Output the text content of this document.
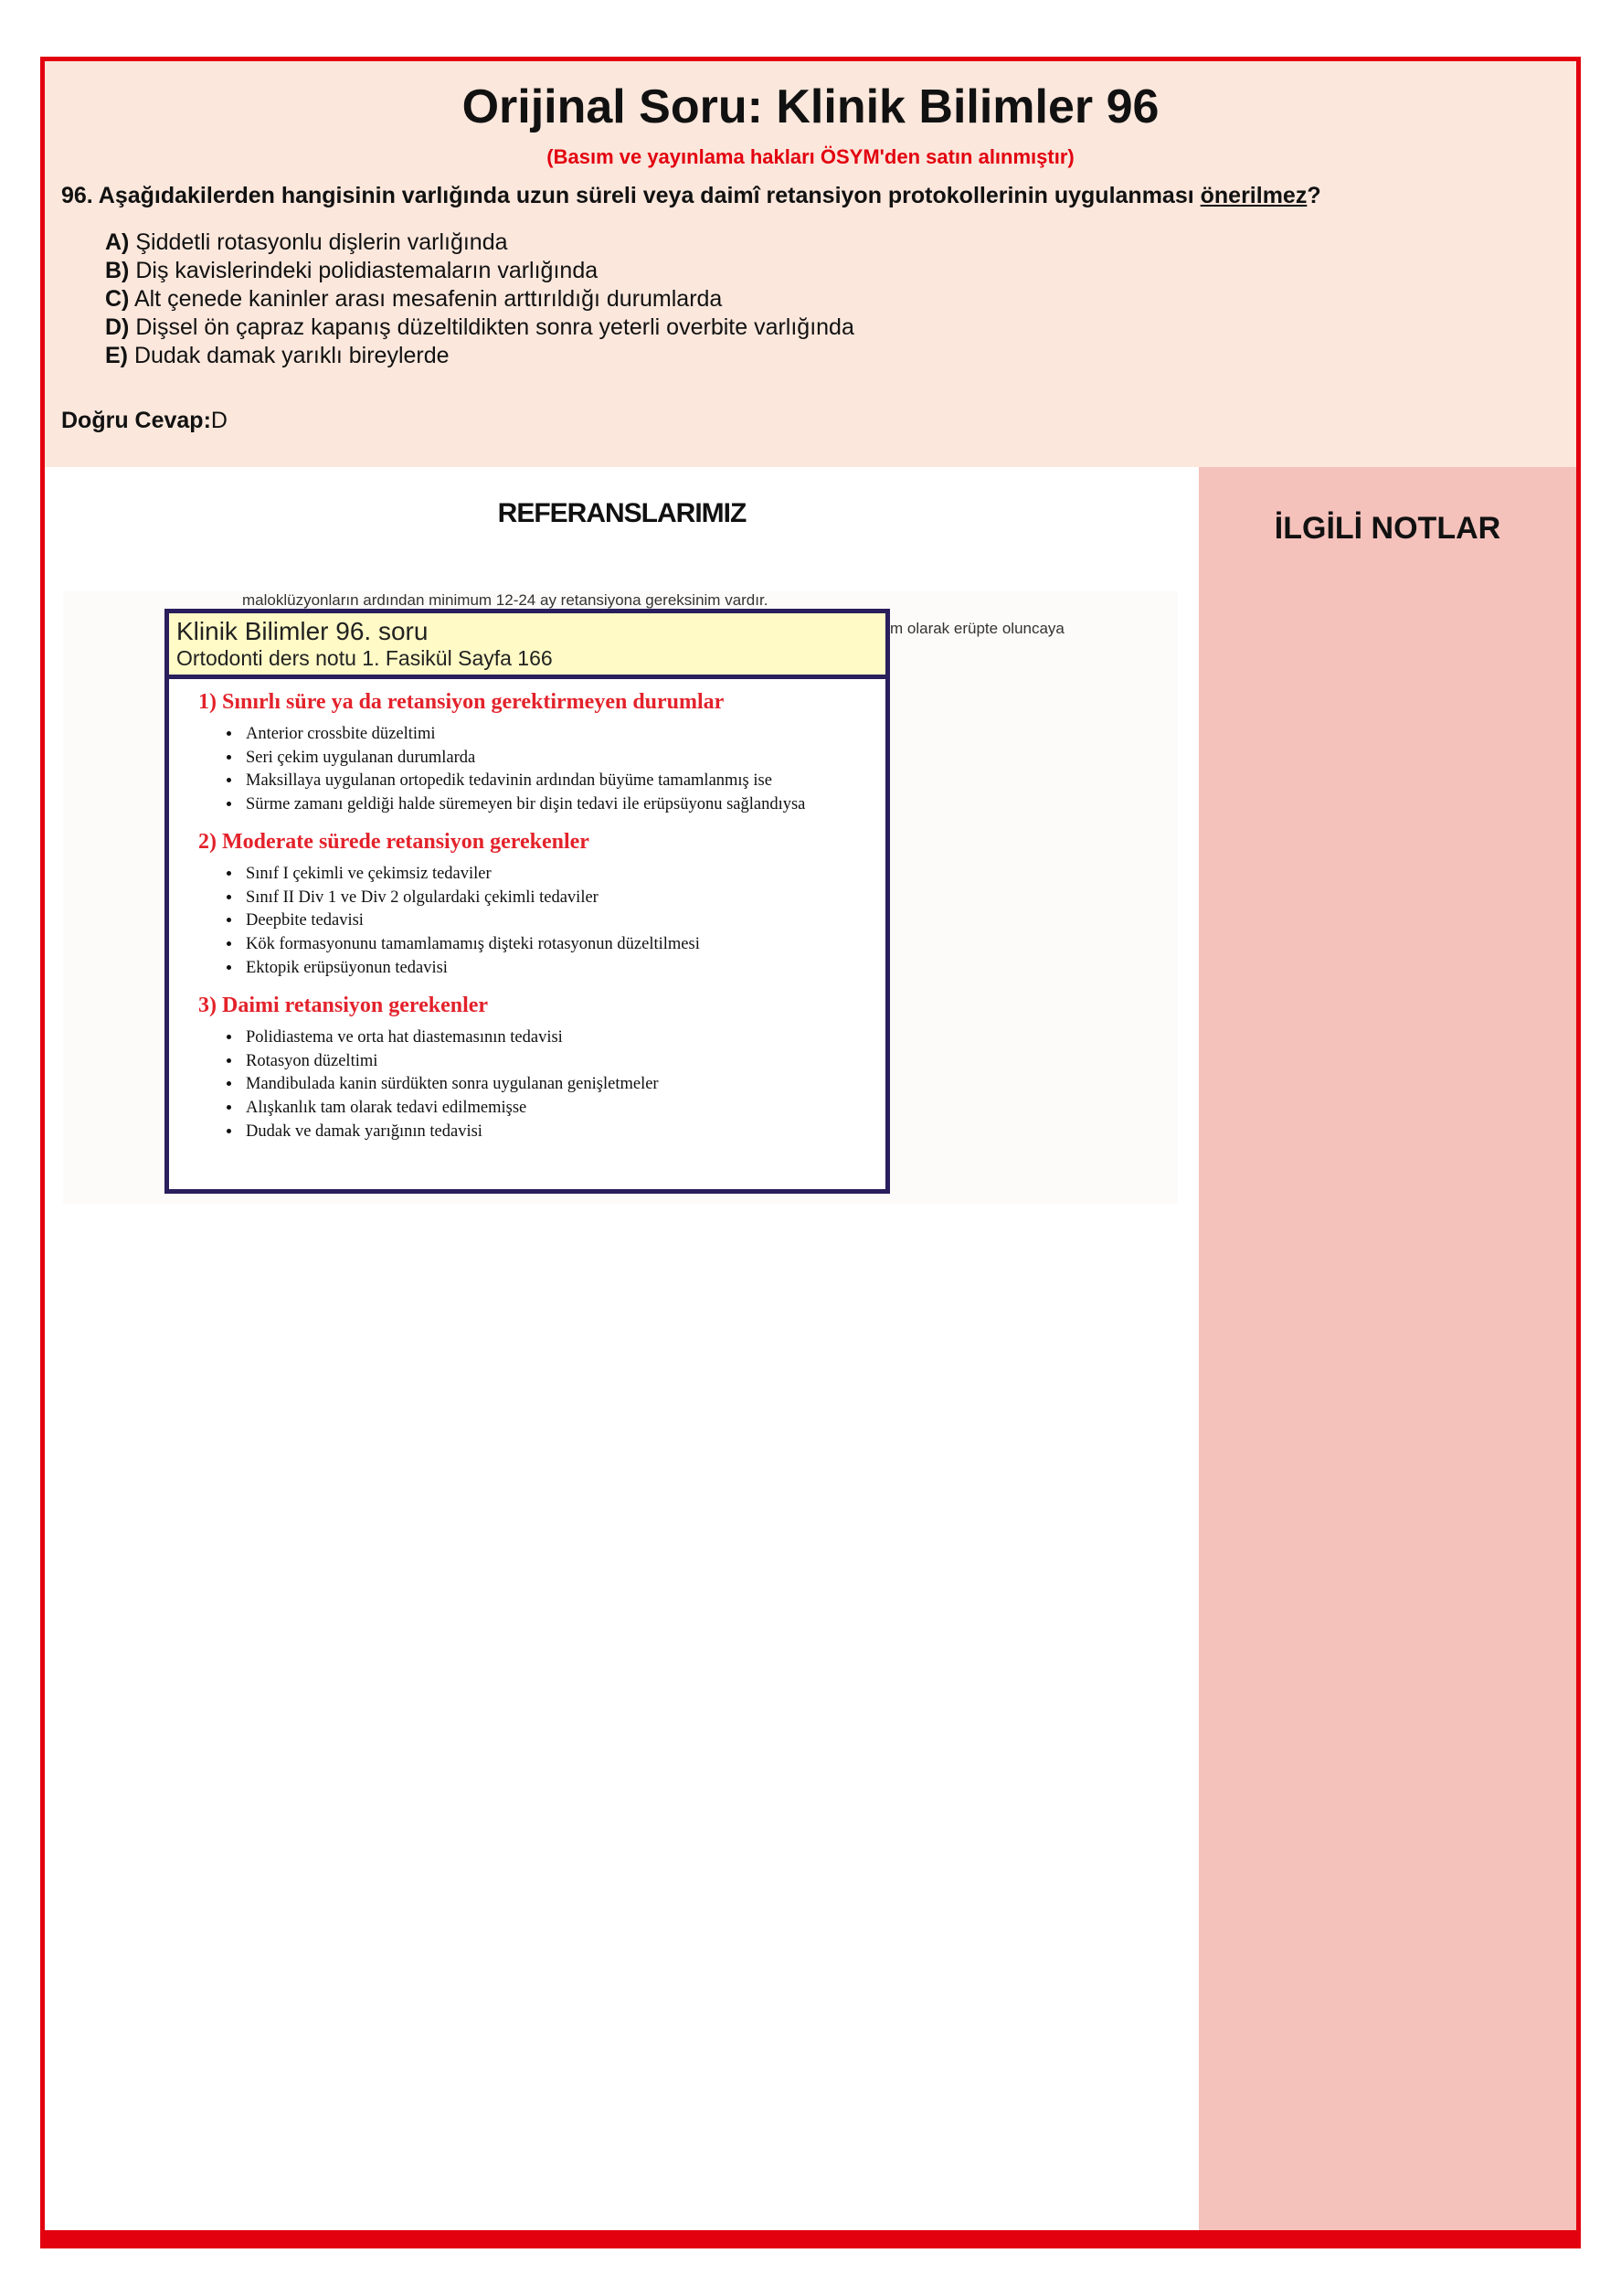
Orijinal Soru: Klinik Bilimler 96
(Basım ve yayınlama hakları ÖSYM'den satın alınmıştır)
96. Aşağıdakilerden hangisinin varlığında uzun süreli veya daimî retansiyon protokollerinin uygulanması önerilmez?
A) Şiddetli rotasyonlu dişlerin varlığında
B) Diş kavislerindeki polidiastemaların varlığında
C) Alt çenede kaninler arası mesafenin arttırıldığı durumlarda
D) Dişsel ön çapraz kapanış düzeltildikten sonra yeterli overbite varlığında
E) Dudak damak yarıklı bireylerde
Doğru Cevap:D
REFERANSLARIMIZ
maloklüzyonların ardından minimum 12-24 ay retansiyona gereksinim vardır.
m olarak erüpte oluncaya
Klinik Bilimler 96. soru
Ortodonti ders notu 1. Fasikül Sayfa 166
1) Sınırlı süre ya da retansiyon gerektirmeyen durumlar
• Anterior crossbite düzeltimi
• Seri çekim uygulanan durumlarda
• Maksillaya uygulanan ortopedik tedavinin ardından büyüme tamamlanmış ise
• Sürme zamanı geldiği halde süremeyen bir dişin tedavi ile erüpsüyonu sağlandıysa
2) Moderate sürede retansiyon gerekenler
• Sınıf I çekimli ve çekimsiz tedaviler
• Sınıf II Div 1 ve Div 2 olgulardaki çekimli tedaviler
• Deepbite tedavisi
• Kök formasyonunu tamamlamamış dişteki rotasyonun düzeltilmesi
• Ektopik erüpsüyonun tedavisi
3) Daimi retansiyon gerekenler
• Polidiastema ve orta hat diastemasının tedavisi
• Rotasyon düzeltimi
• Mandibulada kanin sürdükten sonra uygulanan genişletmeler
• Alışkanlık tam olarak tedavi edilmemişse
• Dudak ve damak yarığının tedavisi
İLGİLİ NOTLAR
